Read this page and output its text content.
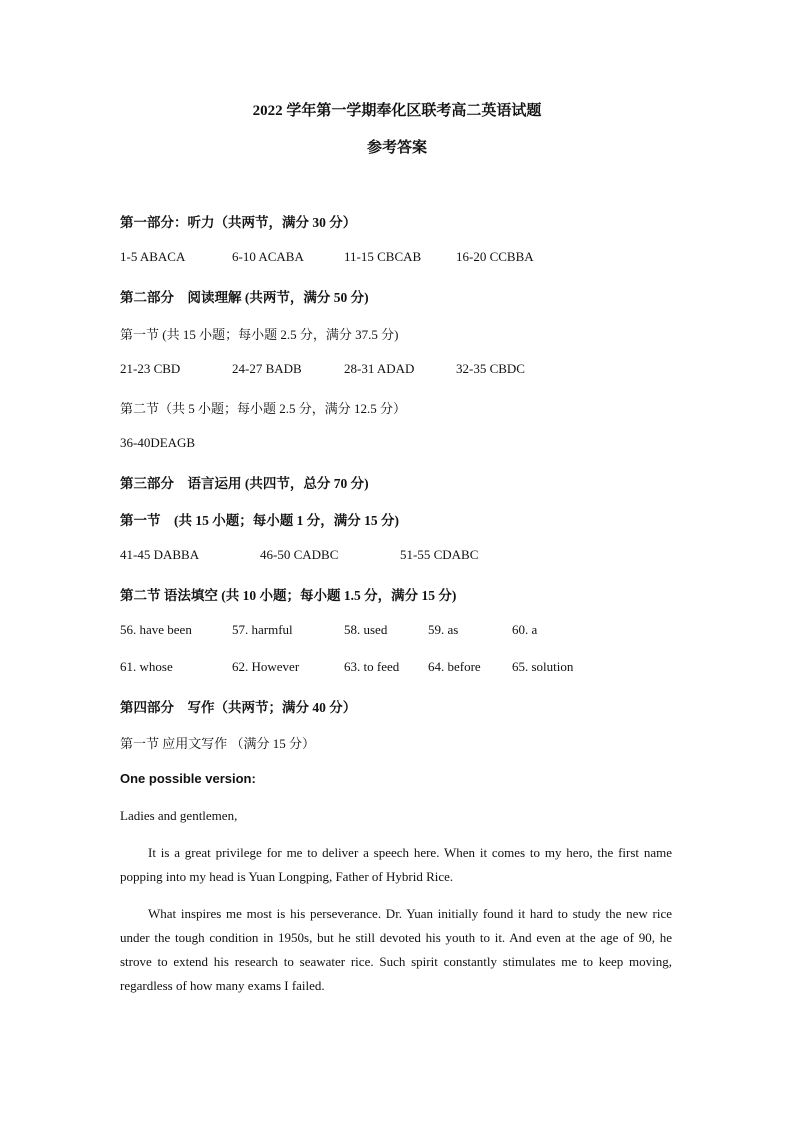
2022 学年第一学期奉化区联考高二英语试题
参考答案
第一部分：听力（共两节，满分 30 分）
1-5 ABACA	6-10 ACABA	11-15 CBCAB	16-20 CCBBA
第二部分　阅读理解 (共两节，满分 50 分)
第一节 (共 15 小题；每小题 2.5 分，满分 37.5 分)
21-23 CBD	24-27 BADB	28-31 ADAD	32-35 CBDC
第二节（共 5 小题；每小题 2.5 分，满分 12.5 分）
36-40DEAGB
第三部分　语言运用 (共四节，总分 70 分)
第一节　(共 15 小题；每小题 1 分，满分 15 分)
41-45 DABBA	46-50 CADBC	51-55 CDABC
第二节 语法填空 (共 10 小题；每小题 1.5 分，满分 15 分)
56. have been	57. harmful	58. used	59. as	60. a
61. whose	62. However	63. to feed 64. before 65. solution
第四部分　写作（共两节；满分 40 分）
第一节 应用文写作 （满分 15 分）
One possible version:
Ladies and gentlemen,

It is a great privilege for me to deliver a speech here. When it comes to my hero, the first name popping into my head is Yuan Longping, Father of Hybrid Rice.

What inspires me most is his perseverance. Dr. Yuan initially found it hard to study the new rice under the tough condition in 1950s, but he still devoted his youth to it. And even at the age of 90, he strove to extend his research to seawater rice. Such spirit constantly stimulates me to keep moving, regardless of how many exams I failed.
